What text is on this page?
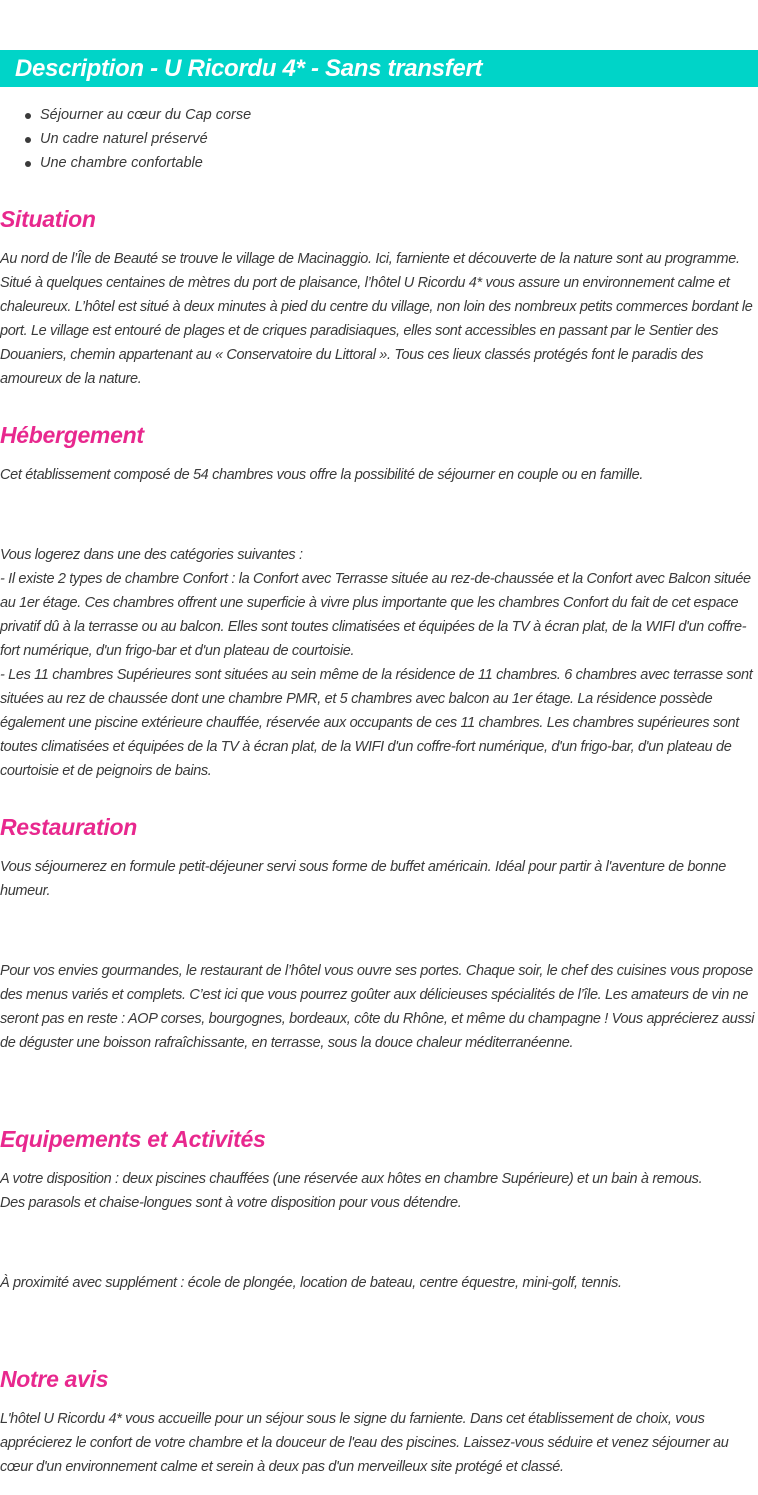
Description - U Ricordu 4* - Sans transfert
Séjourner au cœur du Cap corse
Un cadre naturel préservé
Une chambre confortable
Situation

Au nord de l’Île de Beauté se trouve le village de Macinaggio. Ici, farniente et découverte de la nature sont au programme. Situé à quelques centaines de mètres du port de plaisance, l’hôtel U Ricordu 4* vous assure un environnement calme et chaleureux. L’hôtel est situé à deux minutes à pied du centre du village, non loin des nombreux petits commerces bordant le port. Le village est entouré de plages et de criques paradisiaques, elles sont accessibles en passant par le Sentier des Douaniers, chemin appartenant au « Conservatoire du Littoral ». Tous ces lieux classés protégés font le paradis des amoureux de la nature.

Hébergement

Cet établissement composé de 54 chambres vous offre la possibilité de séjourner en couple ou en famille.

Vous logerez dans une des catégories suivantes :

- Il existe 2 types de chambre Confort : la Confort avec Terrasse située au rez-de-chaussée et la Confort avec Balcon située au 1er étage. Ces chambres offrent une superficie à vivre plus importante que les chambres Confort du fait de cet espace privatif dû à la terrasse ou au balcon. Elles sont toutes climatisées et équipées de la TV à écran plat, de la WIFI d'un coffre-fort numérique, d'un frigo-bar et d'un plateau de courtoisie.

- Les 11 chambres Supérieures sont situées au sein même de la résidence de 11 chambres. 6 chambres avec terrasse sont situées au rez de chaussée dont une chambre PMR, et 5 chambres avec balcon au 1er étage. La résidence possède également une piscine extérieure chauffée, réservée aux occupants de ces 11 chambres. Les chambres supérieures sont toutes climatisées et équipées de la TV à écran plat, de la WIFI d'un coffre-fort numérique, d'un frigo-bar, d'un plateau de courtoisie et de peignoirs de bains.

Restauration

Vous séjournerez en formule petit-déjeuner servi sous forme de buffet américain. Idéal pour partir à l'aventure de bonne humeur.

Pour vos envies gourmandes, le restaurant de l’hôtel vous ouvre ses portes. Chaque soir, le chef des cuisines vous propose des menus variés et complets. C’est ici que vous pourrez goûter aux délicieuses spécialités de l’île. Les amateurs de vin ne seront pas en reste : AOP corses, bourgognes, bordeaux, côte du Rhône, et même du champagne ! Vous apprécierez aussi de déguster une boisson rafraîchissante, en terrasse, sous la douce chaleur méditerranéenne.

Equipements et Activités

A votre disposition : deux piscines chauffées (une réservée aux hôtes en chambre Supérieure) et un bain à remous.

Des parasols et chaise-longues sont à votre disposition pour vous détendre.

À proximité avec supplément : école de plongée, location de bateau, centre équestre, mini-golf, tennis.

Notre avis

L'hôtel U Ricordu 4* vous accueille pour un séjour sous le signe du farniente. Dans cet établissement de choix, vous apprécierez le confort de votre chambre et la douceur de l'eau des piscines. Laissez-vous séduire et venez séjourner au cœur d'un environnement calme et serein à deux pas d'un merveilleux site protégé et classé.
